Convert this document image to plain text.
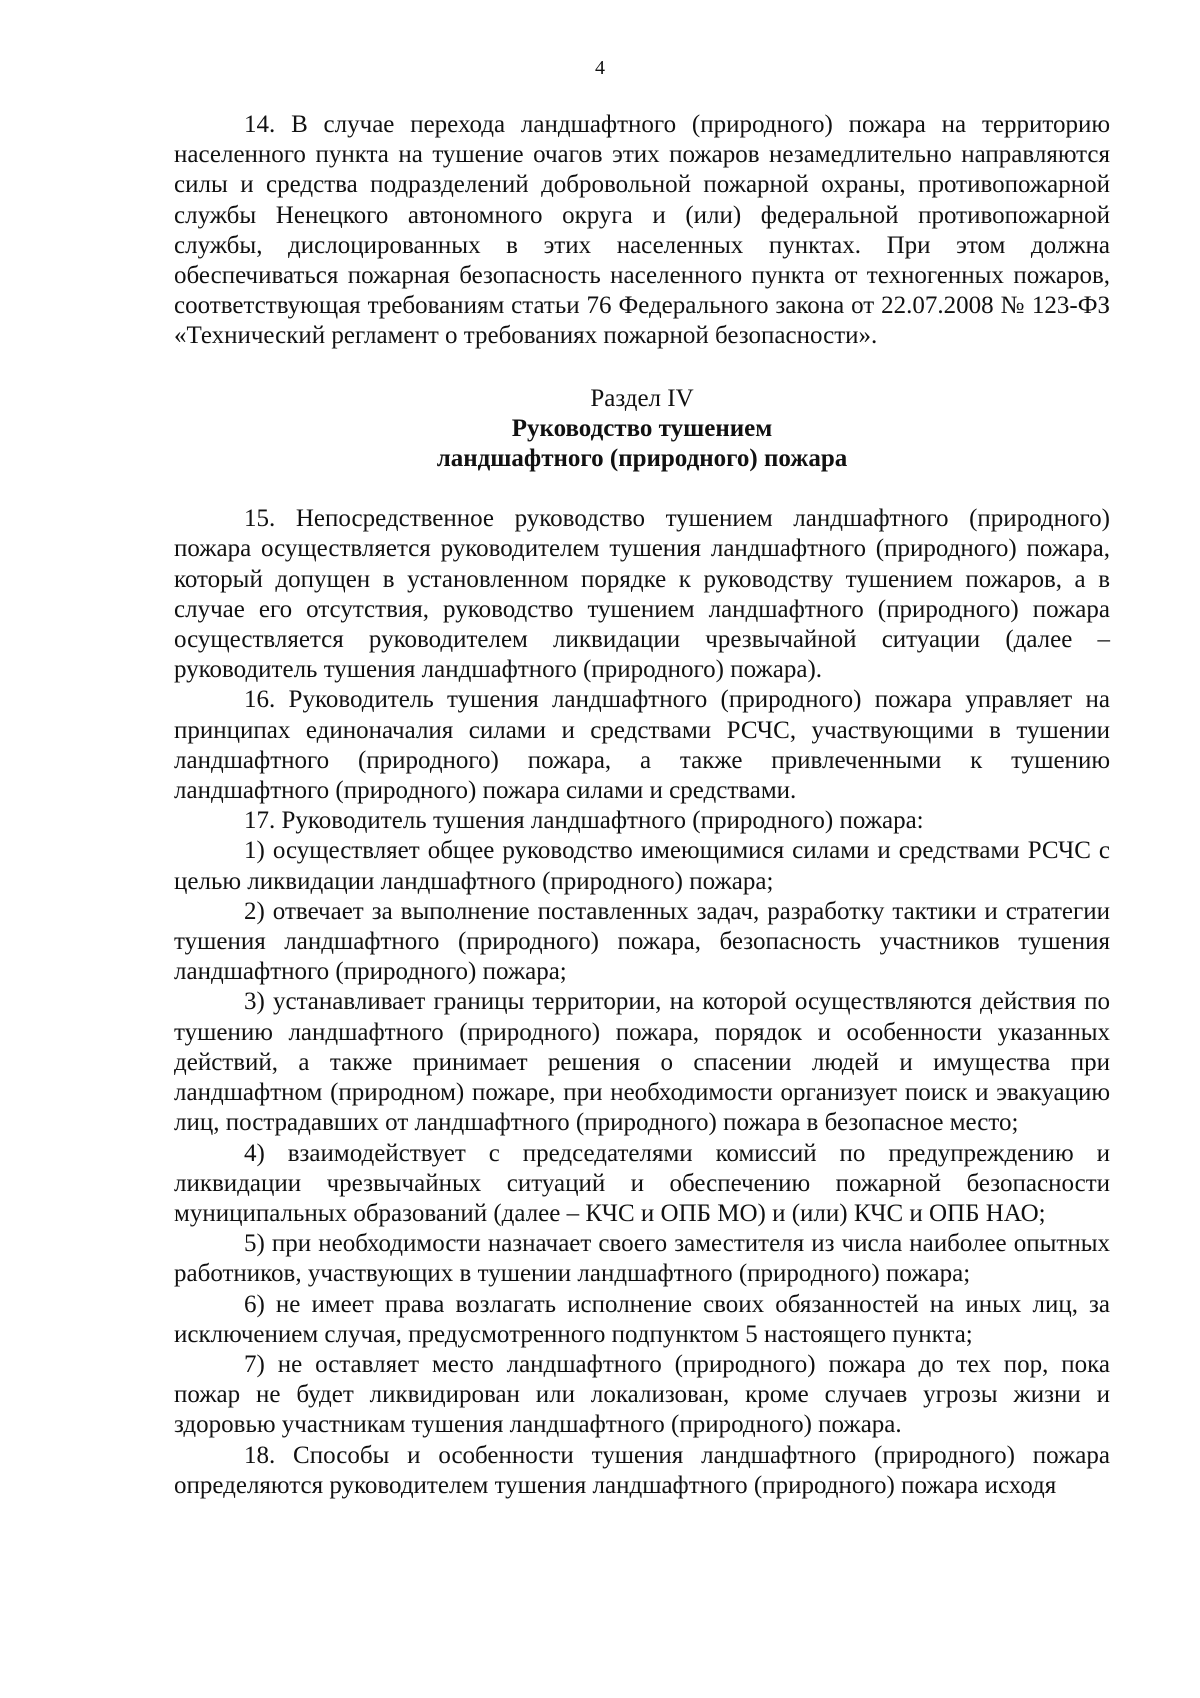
4

14. В случае перехода ландшафтного (природного) пожара на территорию населенного пункта на тушение очагов этих пожаров незамедлительно направляются силы и средства подразделений добровольной пожарной охраны, противопожарной службы Ненецкого автономного округа и (или) федеральной противопожарной службы, дислоцированных в этих населенных пунктах. При этом должна обеспечиваться пожарная безопасность населенного пункта от техногенных пожаров, соответствующая требованиям статьи 76 Федерального закона от 22.07.2008 № 123-ФЗ «Технический регламент о требованиях пожарной безопасности».

Раздел IV

Руководство тушением

ландшафтного (природного) пожара

15. Непосредственное руководство тушением ландшафтного (природного) пожара осуществляется руководителем тушения ландшафтного (природного) пожара, который допущен в установленном порядке к руководству тушением пожаров, а в случае его отсутствия, руководство тушением ландшафтного (природного) пожара осуществляется руководителем ликвидации чрезвычайной ситуации (далее – руководитель тушения ландшафтного (природного) пожара).

16. Руководитель тушения ландшафтного (природного) пожара управляет на принципах единоначалия силами и средствами РСЧС, участвующими в тушении ландшафтного (природного) пожара, а также привлеченными к тушению ландшафтного (природного) пожара силами и средствами.

17. Руководитель тушения ландшафтного (природного) пожара:

1) осуществляет общее руководство имеющимися силами и средствами РСЧС с целью ликвидации ландшафтного (природного) пожара;

2) отвечает за выполнение поставленных задач, разработку тактики и стратегии тушения ландшафтного (природного) пожара, безопасность участников тушения ландшафтного (природного) пожара;

3) устанавливает границы территории, на которой осуществляются действия по тушению ландшафтного (природного) пожара, порядок и особенности указанных действий, а также принимает решения о спасении людей и имущества при ландшафтном (природном) пожаре, при необходимости организует поиск и эвакуацию лиц, пострадавших от ландшафтного (природного) пожара в безопасное место;

4) взаимодействует с председателями комиссий по предупреждению и ликвидации чрезвычайных ситуаций и обеспечению пожарной безопасности муниципальных образований (далее – КЧС и ОПБ МО) и (или) КЧС и ОПБ НАО;

5) при необходимости назначает своего заместителя из числа наиболее опытных работников, участвующих в тушении ландшафтного (природного) пожара;

6) не имеет права возлагать исполнение своих обязанностей на иных лиц, за исключением случая, предусмотренного подпунктом 5 настоящего пункта;

7) не оставляет место ландшафтного (природного) пожара до тех пор, пока пожар не будет ликвидирован или локализован, кроме случаев угрозы жизни и здоровью участникам тушения ландшафтного (природного) пожара.

18. Способы и особенности тушения ландшафтного (природного) пожара определяются руководителем тушения ландшафтного (природного) пожара исходя
